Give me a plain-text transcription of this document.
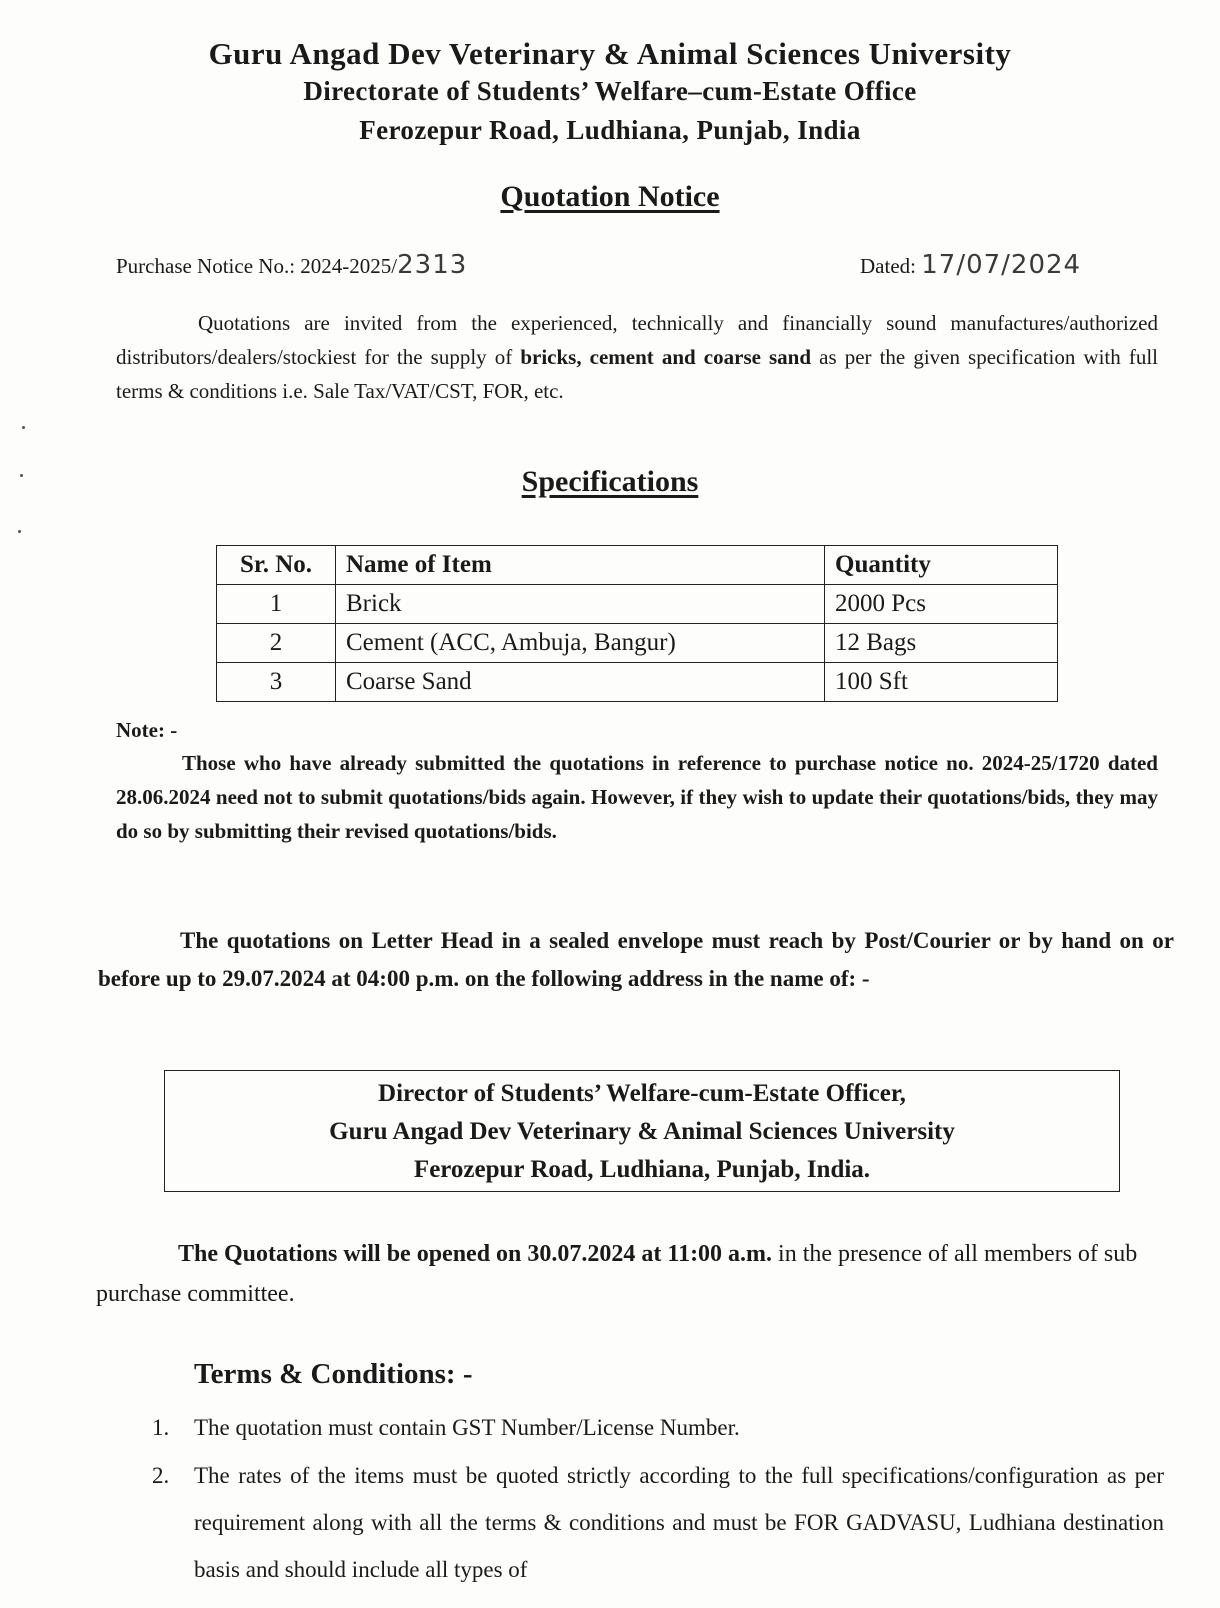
Guru Angad Dev Veterinary & Animal Sciences University
Directorate of Students’ Welfare–cum-Estate Office
Ferozepur Road, Ludhiana, Punjab, India
Quotation Notice
Purchase Notice No.: 2024-2025/2313	Dated: 17/07/2024
Quotations are invited from the experienced, technically and financially sound manufactures/authorized distributors/dealers/stockiest for the supply of bricks, cement and coarse sand as per the given specification with full terms & conditions i.e. Sale Tax/VAT/CST, FOR, etc.
Specifications
Sr. No.	Name of Item	Quantity
1	Brick	2000 Pcs
2	Cement (ACC, Ambuja, Bangur)	12 Bags
3	Coarse Sand	100 Sft
Note: -
Those who have already submitted the quotations in reference to purchase notice no. 2024-25/1720 dated 28.06.2024 need not to submit quotations/bids again. However, if they wish to update their quotations/bids, they may do so by submitting their revised quotations/bids.
The quotations on Letter Head in a sealed envelope must reach by Post/Courier or by hand on or before up to 29.07.2024 at 04:00 p.m. on the following address in the name of: -
Director of Students’ Welfare-cum-Estate Officer,
Guru Angad Dev Veterinary & Animal Sciences University
Ferozepur Road, Ludhiana, Punjab, India.
The Quotations will be opened on 30.07.2024 at 11:00 a.m. in the presence of all members of sub purchase committee.
Terms & Conditions: -
1.	The quotation must contain GST Number/License Number.
2.	The rates of the items must be quoted strictly according to the full specifications/configuration as per requirement along with all the terms & conditions and must be FOR GADVASU, Ludhiana destination basis and should include all types of
